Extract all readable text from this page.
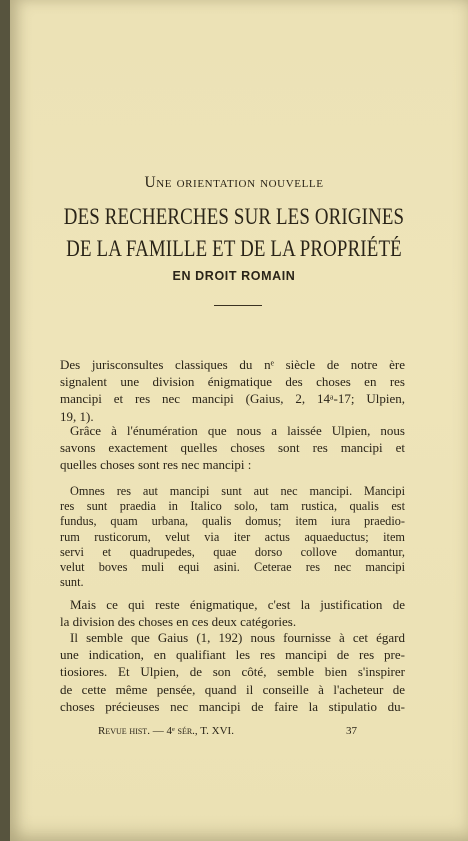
Une orientation nouvelle
DES RECHERCHES SUR LES ORIGINES
DE LA FAMILLE ET DE LA PROPRIÉTÉ
EN DROIT ROMAIN
Des jurisconsultes classiques du nᵉ siècle de notre ère
signalent une division énigmatique des choses en res
mancipi et res nec mancipi (Gaius, 2, 14ᵃ-17; Ulpien,
19, 1).
Grâce à l'énumération que nous a laissée Ulpien, nous
savons exactement quelles choses sont res mancipi et
quelles choses sont res nec mancipi :
Omnes res aut mancipi sunt aut nec mancipi. Mancipi
res sunt praedia in Italico solo, tam rustica, qualis est
fundus, quam urbana, qualis domus; item iura praedio-
rum rusticorum, velut via iter actus aquaeductus; item
servi et quadrupedes, quae dorso collove domantur,
velut boves muli equi asini. Ceterae res nec mancipi
sunt.
Mais ce qui reste énigmatique, c'est la justification de
la division des choses en ces deux catégories.
Il semble que Gaius (1, 192) nous fournisse à cet égard
une indication, en qualifiant les res mancipi de res pre-
tiosiores. Et Ulpien, de son côté, semble bien s'inspirer
de cette même pensée, quand il conseille à l'acheteur de
choses précieuses nec mancipi de faire la stipulatio du-
Revue hist. — 4ᵉ sér., T. XVI.	37
